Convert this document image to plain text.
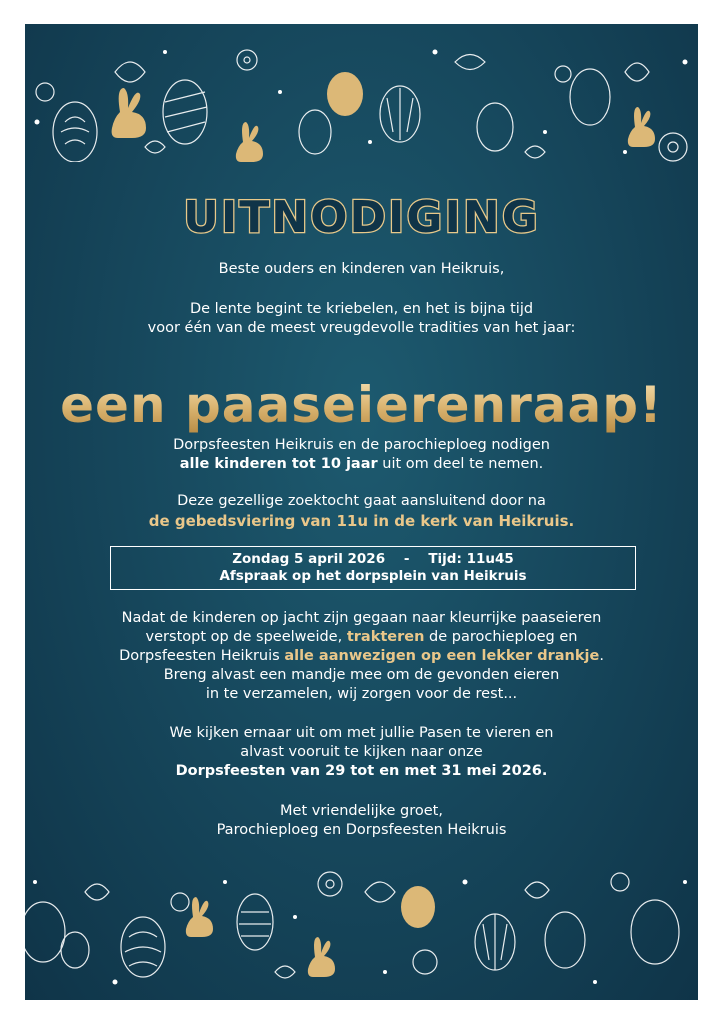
UITNODIGING
Beste ouders en kinderen van Heikruis,
De lente begint te kriebelen, en het is bijna tijd
voor één van de meest vreugdevolle tradities van het jaar:
een paaseierenraap!
Dorpsfeesten Heikruis en de parochieploeg nodigen
alle kinderen tot 10 jaar uit om deel te nemen.
Deze gezellige zoektocht gaat aansluitend door na
de gebedsviering van 11u in de kerk van Heikruis.
Zondag 5 april 2026 - Tijd: 11u45
Afspraak op het dorpsplein van Heikruis
Nadat de kinderen op jacht zijn gegaan naar kleurrijke paaseieren
verstopt op de speelweide, trakteren de parochieploeg en
Dorpsfeesten Heikruis alle aanwezigen op een lekker drankje.
Breng alvast een mandje mee om de gevonden eieren
in te verzamelen, wij zorgen voor de rest...
We kijken ernaar uit om met jullie Pasen te vieren en
alvast vooruit te kijken naar onze
Dorpsfeesten van 29 tot en met 31 mei 2026.
Met vriendelijke groet,
Parochieploeg en Dorpsfeesten Heikruis
